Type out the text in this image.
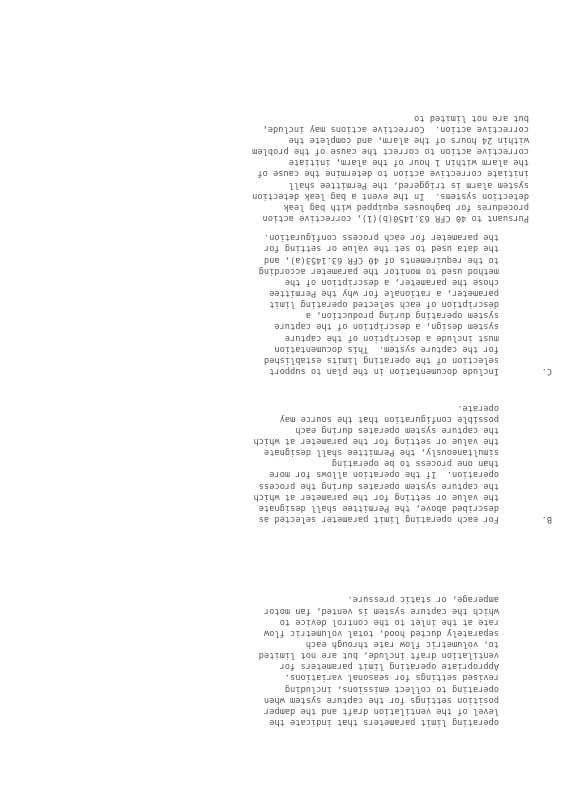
operating limit parameters that indicate the
level of the ventilation draft and the damper
position settings for the capture system when
operating to collect emissions, including
revised settings for seasonal variations.
Appropriate operating limit parameters for
ventilation draft include, but are not limited
to, volumetric flow rate through each
separately ducted hood, total volumetric flow
rate at the inlet to the control device to
which the capture system is vented, fan motor
amperage, or static pressure.
B.
For each operating limit parameter selected as
described above, the Permittee shall designate
the value or setting for the parameter at which
the capture system operates during the process
operation.  If the operation allows for more
than one process to be operating
simultaneously, the Permittee shall designate
the value or setting for the parameter at which
the capture system operates during each
possible configuration that the source may
operate.
C.
Include documentation in the plan to support
selection of the operating limits established
for the capture system.  This documentation
must include a description of the capture
system design, a description of the capture
system operating during production, a
description of each selected operating limit
parameter, a rationale for why the Permittee
chose the parameter, a description of the
method used to monitor the parameter according
to the requirements of 40 CFR 63.1453(a), and
the data used to set the value or setting for
the parameter for each process configuration.
Pursuant to 40 CFR 63.1450(b)(1), corrective action
procedures for baghouses equipped with bag leak
detection systems.  In the event a bag leak detection
system alarm is triggered, the Permittee shall
initiate corrective action to determine the cause of
the alarm within 1 hour of the alarm, initiate
corrective action to correct the cause of the problem
within 24 hours of the alarm, and complete the
corrective action.  Corrective actions may include,
but are not limited to
